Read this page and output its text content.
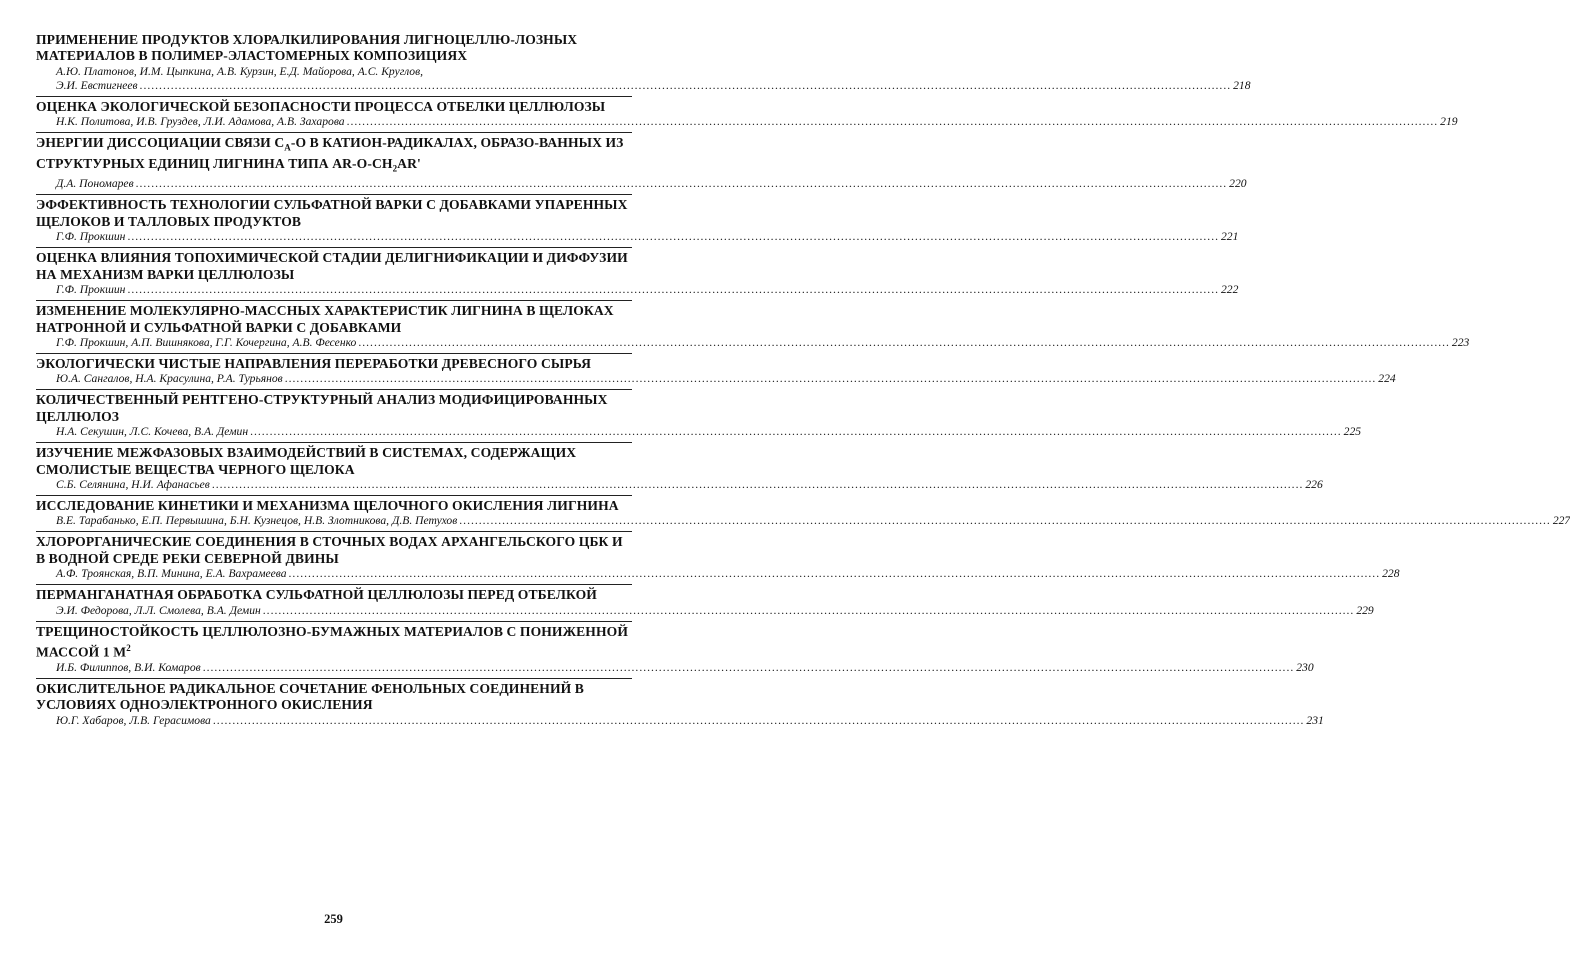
ПРИМЕНЕНИЕ ПРОДУКТОВ ХЛОРАЛКИЛИРОВАНИЯ ЛИГНОЦЕЛЛЮ-ЛОЗНЫХ МАТЕРИАЛОВ В ПОЛИМЕР-ЭЛАСТОМЕРНЫХ КОМПОЗИЦИЯХ
А.Ю. Платонов, И.М. Цыпкина, А.В. Курзин, Е.Д. Майорова, А.С. Круглов,
Э.И. Евстигнеев .....	218
ОЦЕНКА ЭКОЛОГИЧЕСКОЙ БЕЗОПАСНОСТИ ПРОЦЕССА ОТБЕЛКИ ЦЕЛЛЮЛОЗЫ
Н.К. Политова, И.В. Груздев, Л.И. Адамова, А.В. Захарова .....	219
ЭНЕРГИИ ДИССОЦИАЦИИ СВЯЗИ $С_A-О$ В КАТИОН-РАДИКАЛАХ, ОБРАЗО-ВАННЫХ ИЗ СТРУКТУРНЫХ ЕДИНИЦ ЛИГНИНА ТИПА $AR-O-CH_2AR'$
Д.А. Пономарев .....	220
ЭФФЕКТИВНОСТЬ ТЕХНОЛОГИИ СУЛЬФАТНОЙ ВАРКИ С ДОБАВКАМИ УПАРЕННЫХ ЩЕЛОКОВ И ТАЛЛОВЫХ ПРОДУКТОВ
Г.Ф. Прокшин .....	221
ОЦЕНКА ВЛИЯНИЯ ТОПОХИМИЧЕСКОЙ СТАДИИ ДЕЛИГНИФИКАЦИИ И ДИФФУЗИИ НА МЕХАНИЗМ ВАРКИ ЦЕЛЛЮЛОЗЫ
Г.Ф. Прокшин .....	222
ИЗМЕНЕНИЕ МОЛЕКУЛЯРНО-МАССНЫХ ХАРАКТЕРИСТИК ЛИГНИНА В ЩЕЛОКАХ НАТРОННОЙ И СУЛЬФАТНОЙ ВАРКИ С ДОБАВКАМИ
Г.Ф. Прокшин, А.П. Вишнякова, Г.Г. Кочергина, А.В. Фесенко .....	223
ЭКОЛОГИЧЕСКИ ЧИСТЫЕ НАПРАВЛЕНИЯ ПЕРЕРАБОТКИ ДРЕВЕСНОГО СЫРЬЯ
Ю.А. Сангалов, Н.А. Красулина, Р.А. Турьянов .....	224
КОЛИЧЕСТВЕННЫЙ РЕНТГЕНО-СТРУКТУРНЫЙ АНАЛИЗ МОДИФИЦИРОВАННЫХ ЦЕЛЛЮЛОЗ
Н.А. Секушин, Л.С. Кочева, В.А. Демин .....	225
ИЗУЧЕНИЕ МЕЖФАЗОВЫХ ВЗАИМОДЕЙСТВИЙ В СИСТЕМАХ, СОДЕРЖАЩИХ СМОЛИСТЫЕ ВЕЩЕСТВА ЧЕРНОГО ЩЕЛОКА
С.Б. Селянина, Н.И. Афанасьев .....	226
ИССЛЕДОВАНИЕ КИНЕТИКИ И МЕХАНИЗМА ЩЕЛОЧНОГО ОКИСЛЕНИЯ ЛИГНИНА
В.Е. Тарабанько, Е.П. Первышина, Б.Н. Кузнецов, Н.В. Злотникова, Д.В. Петухов .....	227
ХЛОРОРГАНИЧЕСКИЕ СОЕДИНЕНИЯ В СТОЧНЫХ ВОДАХ АРХАНГЕЛЬСКОГО ЦБК И В ВОДНОЙ СРЕДЕ РЕКИ СЕВЕРНОЙ ДВИНЫ
А.Ф. Троянская, В.П. Минина, Е.А. Вахрамеева .....	228
ПЕРМАНГАНАТНАЯ ОБРАБОТКА СУЛЬФАТНОЙ ЦЕЛЛЮЛОЗЫ ПЕРЕД ОТБЕЛКОЙ
Э.И. Федорова, Л.Л. Смолева, В.А. Демин .....	229
ТРЕЩИНОСТОЙКОСТЬ ЦЕЛЛЮЛОЗНО-БУМАЖНЫХ МАТЕРИАЛОВ С ПОНИЖЕННОЙ МАССОЙ 1 $М^2$
И.Б. Филиппов, В.И. Комаров .....	230
ОКИСЛИТЕЛЬНОЕ РАДИКАЛЬНОЕ СОЧЕТАНИЕ ФЕНОЛЬНЫХ СОЕДИНЕНИЙ В УСЛОВИЯХ ОДНОЭЛЕКТРОННОГО ОКИСЛЕНИЯ
Ю.Г. Хабаров, Л.В. Герасимова .....	231
259
